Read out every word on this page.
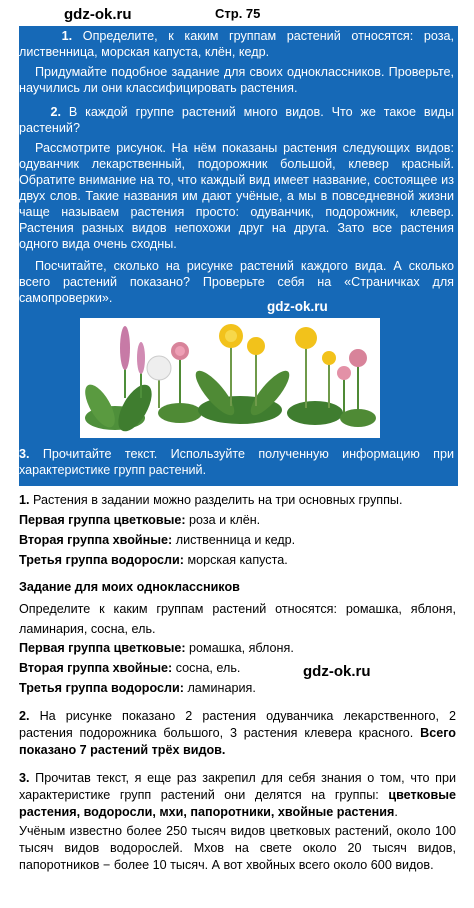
gdz-ok.ru	Стр. 75

1. Определите, к каким группам растений относятся: роза, лиственница, морская капуста, клён, кедр.

Придумайте подобное задание для своих одноклассников. Проверьте, научились ли они классифицировать растения.

2. В каждой группе растений много видов. Что же такое виды растений?

Рассмотрите рисунок. На нём показаны растения следующих видов: одуванчик лекарственный, подорожник большой, клевер красный. Обратите внимание на то, что каждый вид имеет название, состоящее из двух слов. Такие названия им дают учёные, а мы в повседневной жизни чаще называем растения просто: одуванчик, подорожник, клевер. Растения разных видов непохожи друг на друга. Зато все растения одного вида очень сходны.

Посчитайте, сколько на рисунке растений каждого вида. А сколько всего растений показано? Проверьте себя на «Страничках для самопроверки».

gdz-ok.ru

3. Прочитайте текст. Используйте полученную информацию при характеристике групп растений.

1. Растения в задании можно разделить на три основных группы.

Первая группа цветковые: роза и клён.

Вторая группа хвойные: лиственница и кедр.

Третья группа водоросли: морская капуста.

Задание для моих одноклассников

Определите к каким группам растений относятся: ромашка, яблоня, ламинария, сосна, ель.

Первая группа цветковые: ромашка, яблоня.

Вторая группа хвойные: сосна, ель.	gdz-ok.ru

Третья группа водоросли: ламинария.

2. На рисунке показано 2 растения одуванчика лекарственного, 2 растения подорожника большого, 3 растения клевера красного. Всего показано 7 растений трёх видов.

3. Прочитав текст, я еще раз закрепил для себя знания о том, что при характеристике групп растений они делятся на группы: цветковые растения, водоросли, мхи, папоротники, хвойные растения.

Учёным известно более 250 тысяч видов цветковых растений, около 100 тысяч видов водорослей. Мхов на свете около 20 тысяч видов, папоротников − более 10 тысяч. А вот хвойных всего около 600 видов.
